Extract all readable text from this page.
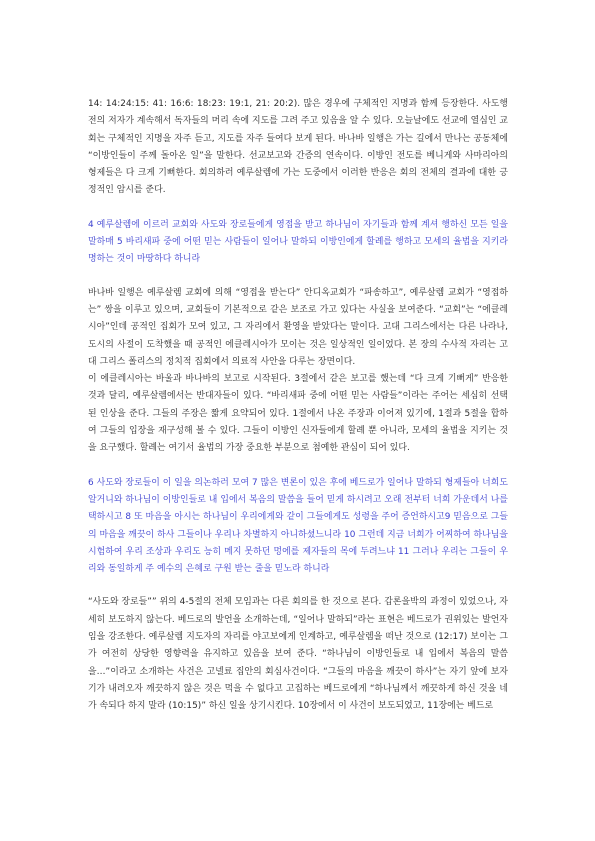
14: 14:24:15: 41: 16:6: 18:23: 19:1, 21: 20:2). 많은 경우에 구체적인 지명과 함께 등장한다. 사도행전의 저자가 계속해서 독자들의 머리 속에 지도를 그려 주고 있음을 알 수 있다. 오늘날에도 선교에 열심인 교회는 구체적인 지명을 자주 듣고, 지도를 자주 들여다 보게 된다. 바나바 일행은 가는 길에서 만나는 공동체에 “이방인들이 주께 돌아온 일”을 말한다. 선교보고와 간증의 연속이다. 이방인 전도를 베니게와 사마리아의 형제들은 다 크게 기뻐한다. 회의하러 예루살렘에 가는 도중에서 이러한 반응은 회의 전체의 결과에 대한 긍정적인 암시를 준다.

4 예루살렘에 이르러 교회와 사도와 장로들에게 영접을 받고 하나님이 자기들과 함께 계셔 행하신 모든 일을 말하매 5 바리새파 중에 어떤 믿는 사람들이 일어나 말하되 이방인에게 할례를 행하고 모세의 율법을 지키라 명하는 것이 마땅하다 하니라

바나바 일행은 예루살렘 교회에 의해 “영접을 받는다” 안디옥교회가 “파송하고”, 예루살렘 교회가 “영접하는” 쌍을 이루고 있으며, 교회들이 기본적으로 같은 보조로 가고 있다는 사실을 보여준다. “교회”는 “에클레시아”인데 공적인 집회가 모여 있고, 그 자리에서 환영을 받았다는 말이다. 고대 그리스에서는 다른 나라나, 도시의 사절이 도착했을 때 공적인 에클레시아가 모이는 것은 일상적인 일이었다. 본 장의 수사적 자리는 고대 그리스 폴리스의 정치적 집회에서 의료적 사안을 다루는 장면이다.
이 에클레시아는 바울과 바나바의 보고로 시작된다. 3절에서 같은 보고를 했는데 “다 크게 기뻐게” 반응한 것과 달리, 예루살렘에서는 반대자들이 있다. “바리새파 중에 어떤 믿는 사람들”이라는 주어는 세심히 선택된 인상을 준다. 그들의 주장은 짧게 요약되어 있다. 1절에서 나온 주장과 이어져 있기에, 1절과 5절을 합하여 그들의 입장을 재구성해 볼 수 있다. 그들이 이방인 신자들에게 할례 뿐 아니라, 모세의 율법을 지키는 것을 요구했다. 할례는 여기서 율법의 가장 중요한 부분으로 첨예한 관심이 되어 있다.

6 사도와 장로들이 이 일을 의논하러 모여 7 많은 변론이 있은 후에 베드로가 일어나 말하되 형제들아 너희도 알거니와 하나님이 이방인들로 내 입에서 복음의 말씀을 들어 믿게 하시려고 오래 전부터 너희 가운데서 나를 택하시고 8 또 마음을 아시는 하나님이 우리에게와 같이 그들에게도 성령을 주어 증언하시고9 믿음으로 그들의 마음을 깨끗이 하사 그들이나 우리나 차별하지 아니하셨느니라 10 그런데 지금 너희가 어찌하여 하나님을 시험하여 우리 조상과 우리도 능히 메지 못하던 멍에를 제자들의 목에 두려느냐 11 그러나 우리는 그들이 우리와 동일하게 주 예수의 은혜로 구원 받는 줄을 믿노라 하니라

“사도와 장로들”” 위의 4-5절의 전체 모임과는 다른 회의를 한 것으로 본다. 갑론을박의 과정이 있었으나, 자세히 보도하지 않는다. 베드로의 발언을 소개하는데, “일어나 말하되”라는 표현은 베드로가 권위있는 발언자임을 강조한다. 예루살렘 지도자의 자리를 야고보에게 인계하고, 예루살렘을 떠난 것으로 (12:17) 보이는 그가 여전히 상당한 영향력을 유지하고 있음을 보여 준다. “하나님이 이방인들로 내 입에서 복음의 말씀을…”이라고 소개하는 사건은 고넬료 집안의 회심사건이다. “그들의 마음을 깨끗이 하사”는 자기 앞에 보자기가 내려오자 깨끗하지 않은 것은 먹을 수 없다고 고집하는 베드로에게 “하나님께서 깨끗하게 하신 것을 네가 속되다 하지 말라 (10:15)” 하신 일을 상기시킨다. 10장에서 이 사건이 보도되었고, 11장에는 베드로
